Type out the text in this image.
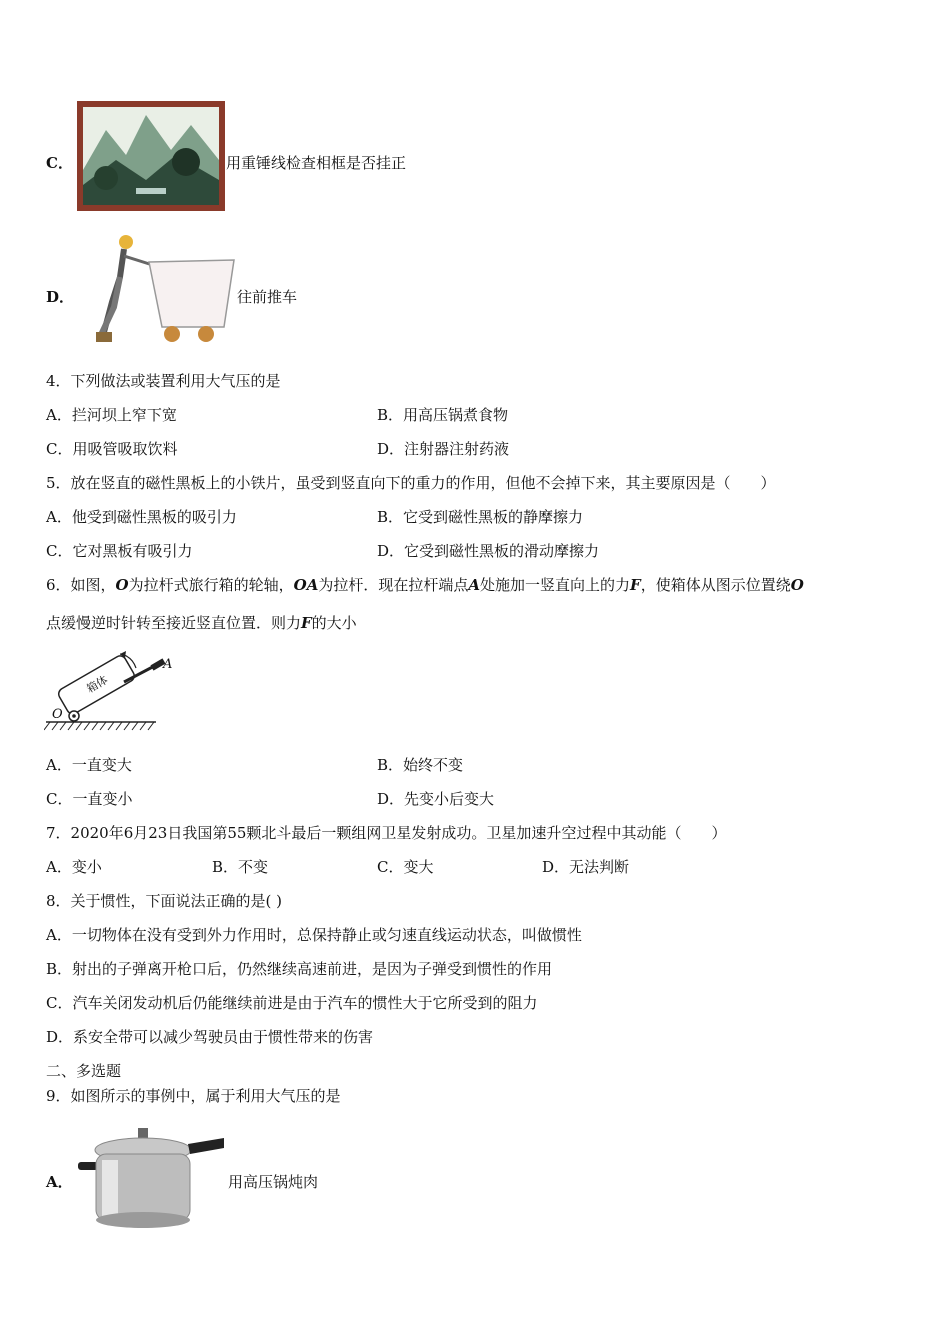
C．	用重锤线检查相框是否挂正
D．	往前推车
4．下列做法或装置利用大气压的是
A．拦河坝上窄下宽	B．用高压锅煮食物
C．用吸管吸取饮料	D．注射器注射药液
5．放在竖直的磁性黑板上的小铁片，虽受到竖直向下的重力的作用，但他不会掉下来，其主要原因是（　　）
A．他受到磁性黑板的吸引力	B．它受到磁性黑板的静摩擦力
C．它对黑板有吸引力	D．它受到磁性黑板的滑动摩擦力
6．如图，O为拉杆式旅行箱的轮轴，OA为拉杆．现在拉杆端点A处施加一竖直向上的力F，使箱体从图示位置绕O
点缓慢逆时针转至接近竖直位置．则力F的大小
箱体
A
O
A．一直变大	B．始终不变
C．一直变小	D．先变小后变大
7．2020年6月23日我国第55颗北斗最后一颗组网卫星发射成功。卫星加速升空过程中其动能（　　）
A．变小	B．不变	C．变大	D．无法判断
8．关于惯性，下面说法正确的是( )
A．一切物体在没有受到外力作用时，总保持静止或匀速直线运动状态，叫做惯性
B．射出的子弹离开枪口后，仍然继续高速前进，是因为子弹受到惯性的作用
C．汽车关闭发动机后仍能继续前进是由于汽车的惯性大于它所受到的阻力
D．系安全带可以减少驾驶员由于惯性带来的伤害
二、多选题
9．如图所示的事例中，属于利用大气压的是
A．	用高压锅炖肉
